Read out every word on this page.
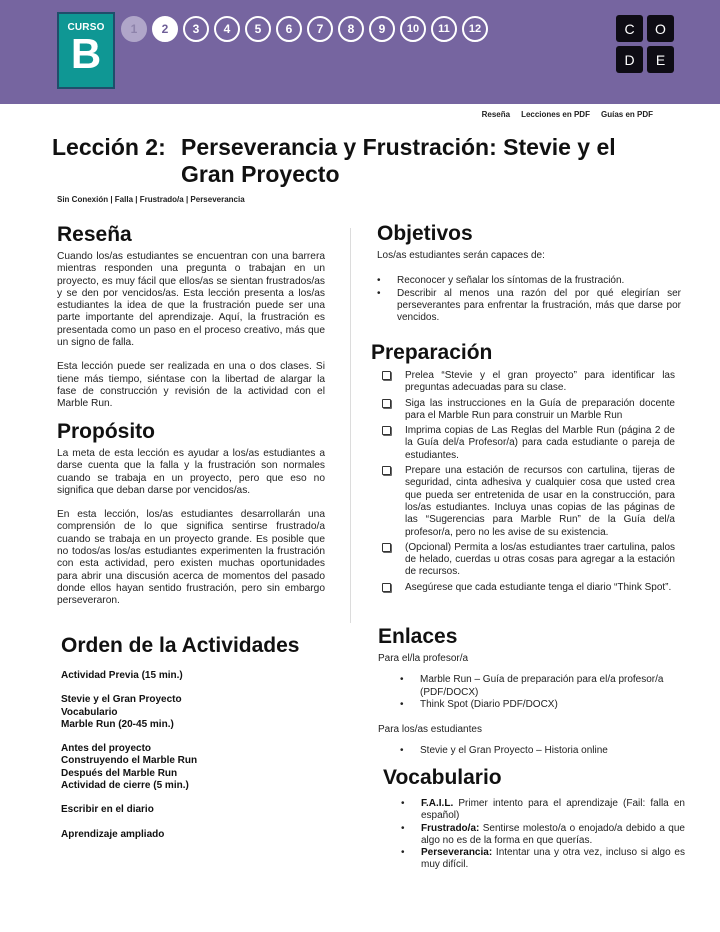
CURSO
B
1	2	3	4	5	6	7	8	9	10	11	12	C	O
D	E
Reseña Lecciones en PDF Guías en PDF
Lección 2: Perseverancia y Frustración: Stevie y el Gran Proyecto
Sin Conexión | Falla | Frustrado/a | Perseverancia
Reseña

Cuando los/as estudiantes se encuentran con una barrera mientras responden una pregunta o trabajan en un proyecto, es muy fácil que ellos/as se sientan frustrados/as y se den por vencidos/as. Esta lección presenta a los/as estudiantes la idea de que la frustración puede ser una parte importante del aprendizaje. Aquí, la frustración es presentada como un paso en el proceso creativo, más que un signo de falla.

Esta lección puede ser realizada en una o dos clases. Si tiene más tiempo, siéntase con la libertad de alargar la fase de construcción y revisión de la actividad con el Marble Run.

Propósito

La meta de esta lección es ayudar a los/as estudiantes a darse cuenta que la falla y la frustración son normales cuando se trabaja en un proyecto, pero que eso no significa que deban darse por vencidos/as.

En esta lección, los/as estudiantes desarrollarán una comprensión de lo que significa sentirse frustrado/a cuando se trabaja en un proyecto grande. Es posible que no todos/as los/as estudiantes experimenten la frustración con esta actividad, pero existen muchas oportunidades para abrir una discusión acerca de momentos del pasado donde ellos hayan sentido frustración, pero sin embargo perseveraron.

Orden de la Actividades
Actividad Previa (15 min.)
Stevie y el Gran Proyecto
Vocabulario
Marble Run (20-45 min.)
Antes del proyecto
Construyendo el Marble Run
Después del Marble Run
Actividad de cierre (5 min.)
Escribir en el diario
Aprendizaje ampliado
Objetivos

Los/as estudiantes serán capaces de:

• Reconocer y señalar los síntomas de la frustración.
• Describir al menos una razón del por qué elegirían ser perseverantes para enfrentar la frustración, más que darse por vencidos.
Preparación
Prelea “Stevie y el gran proyecto” para identificar las preguntas adecuadas para su clase.
Siga las instrucciones en la Guía de preparación docente para el Marble Run para construir un Marble Run
Imprima copias de Las Reglas del Marble Run (página 2 de la Guía del/a Profesor/a) para cada estudiante o pareja de estudiantes.
Prepare una estación de recursos con cartulina, tijeras de seguridad, cinta adhesiva y cualquier cosa que usted crea que pueda ser entretenida de usar en la construcción, para los/as estudiantes. Incluya unas copias de las páginas de las “Sugerencias para Marble Run” de la Guía del/a profesor/a, pero no les avise de su existencia.
(Opcional) Permita a los/as estudiantes traer cartulina, palos de helado, cuerdas u otras cosas para agregar a la estación de recursos.
Asegúrese que cada estudiante tenga el diario “Think Spot”.
Enlaces

Para el/la profesor/a

• Marble Run – Guía de preparación para el/a profesor/a (PDF/DOCX)
• Think Spot (Diario PDF/DOCX)

Para los/as estudiantes

• Stevie y el Gran Proyecto – Historia online
Vocabulario
• F.A.I.L. Primer intento para el aprendizaje (Fail: falla en español)
• Frustrado/a: Sentirse molesto/a o enojado/a debido a que algo no es de la forma en que querías.
• Perseverancia: Intentar una y otra vez, incluso si algo es muy difícil.
